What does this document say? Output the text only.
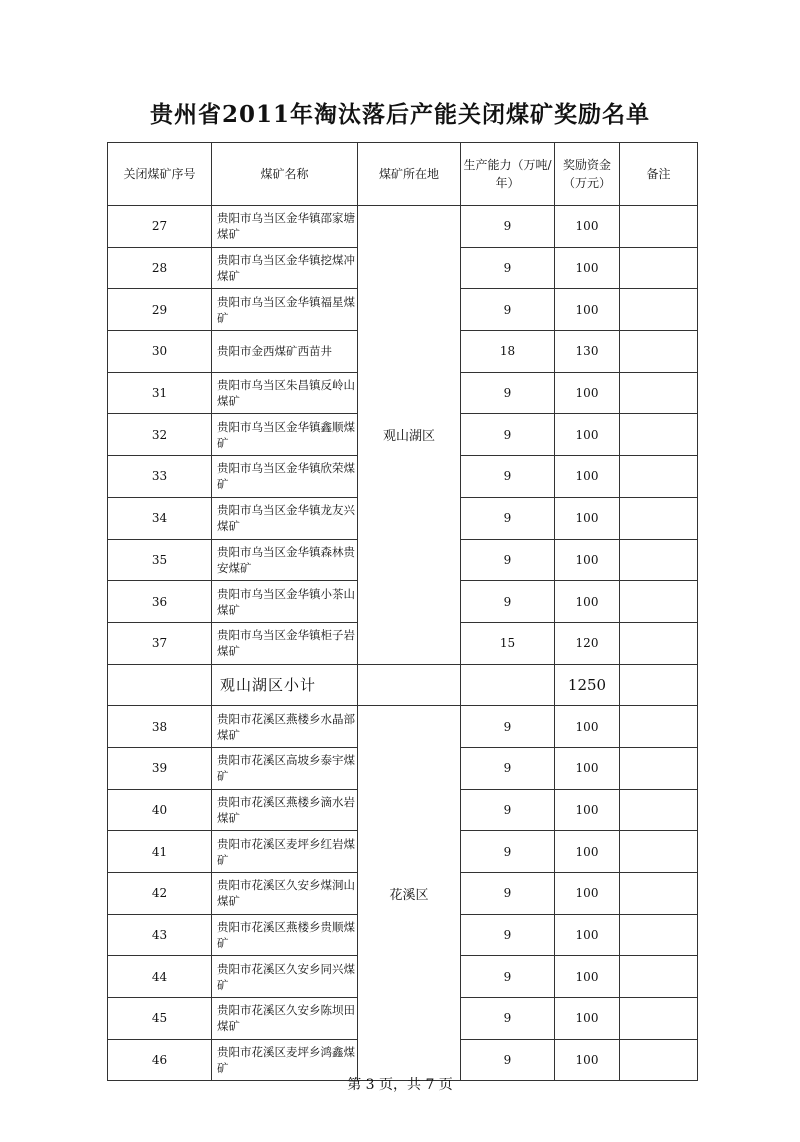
贵州省2011年淘汰落后产能关闭煤矿奖励名单
关闭煤矿序号	煤矿名称	煤矿所在地	生产能力（万吨/年）	奖励资金（万元）	备注
27	贵阳市乌当区金华镇邵家塘煤矿	观山湖区	9	100	
28	贵阳市乌当区金华镇挖煤冲煤矿		9	100	
29	贵阳市乌当区金华镇福星煤矿		9	100	
30	贵阳市金西煤矿西苗井		18	130	
31	贵阳市乌当区朱昌镇反岭山煤矿		9	100	
32	贵阳市乌当区金华镇鑫顺煤矿		9	100	
33	贵阳市乌当区金华镇欣荣煤矿		9	100	
34	贵阳市乌当区金华镇龙友兴煤矿		9	100	
35	贵阳市乌当区金华镇森林贵安煤矿		9	100	
36	贵阳市乌当区金华镇小茶山煤矿		9	100	
37	贵阳市乌当区金华镇柜子岩煤矿		15	120	
	观山湖区小计			1250	
38	贵阳市花溪区燕楼乡水晶部煤矿	花溪区	9	100	
39	贵阳市花溪区高坡乡泰宇煤矿		9	100	
40	贵阳市花溪区燕楼乡滴水岩煤矿		9	100	
41	贵阳市花溪区麦坪乡红岩煤矿		9	100	
42	贵阳市花溪区久安乡煤洞山煤矿		9	100	
43	贵阳市花溪区燕楼乡贵顺煤矿		9	100	
44	贵阳市花溪区久安乡同兴煤矿		9	100	
45	贵阳市花溪区久安乡陈坝田煤矿		9	100	
46	贵阳市花溪区麦坪乡鸿鑫煤矿		9	100	
第 3 页，共 7 页
